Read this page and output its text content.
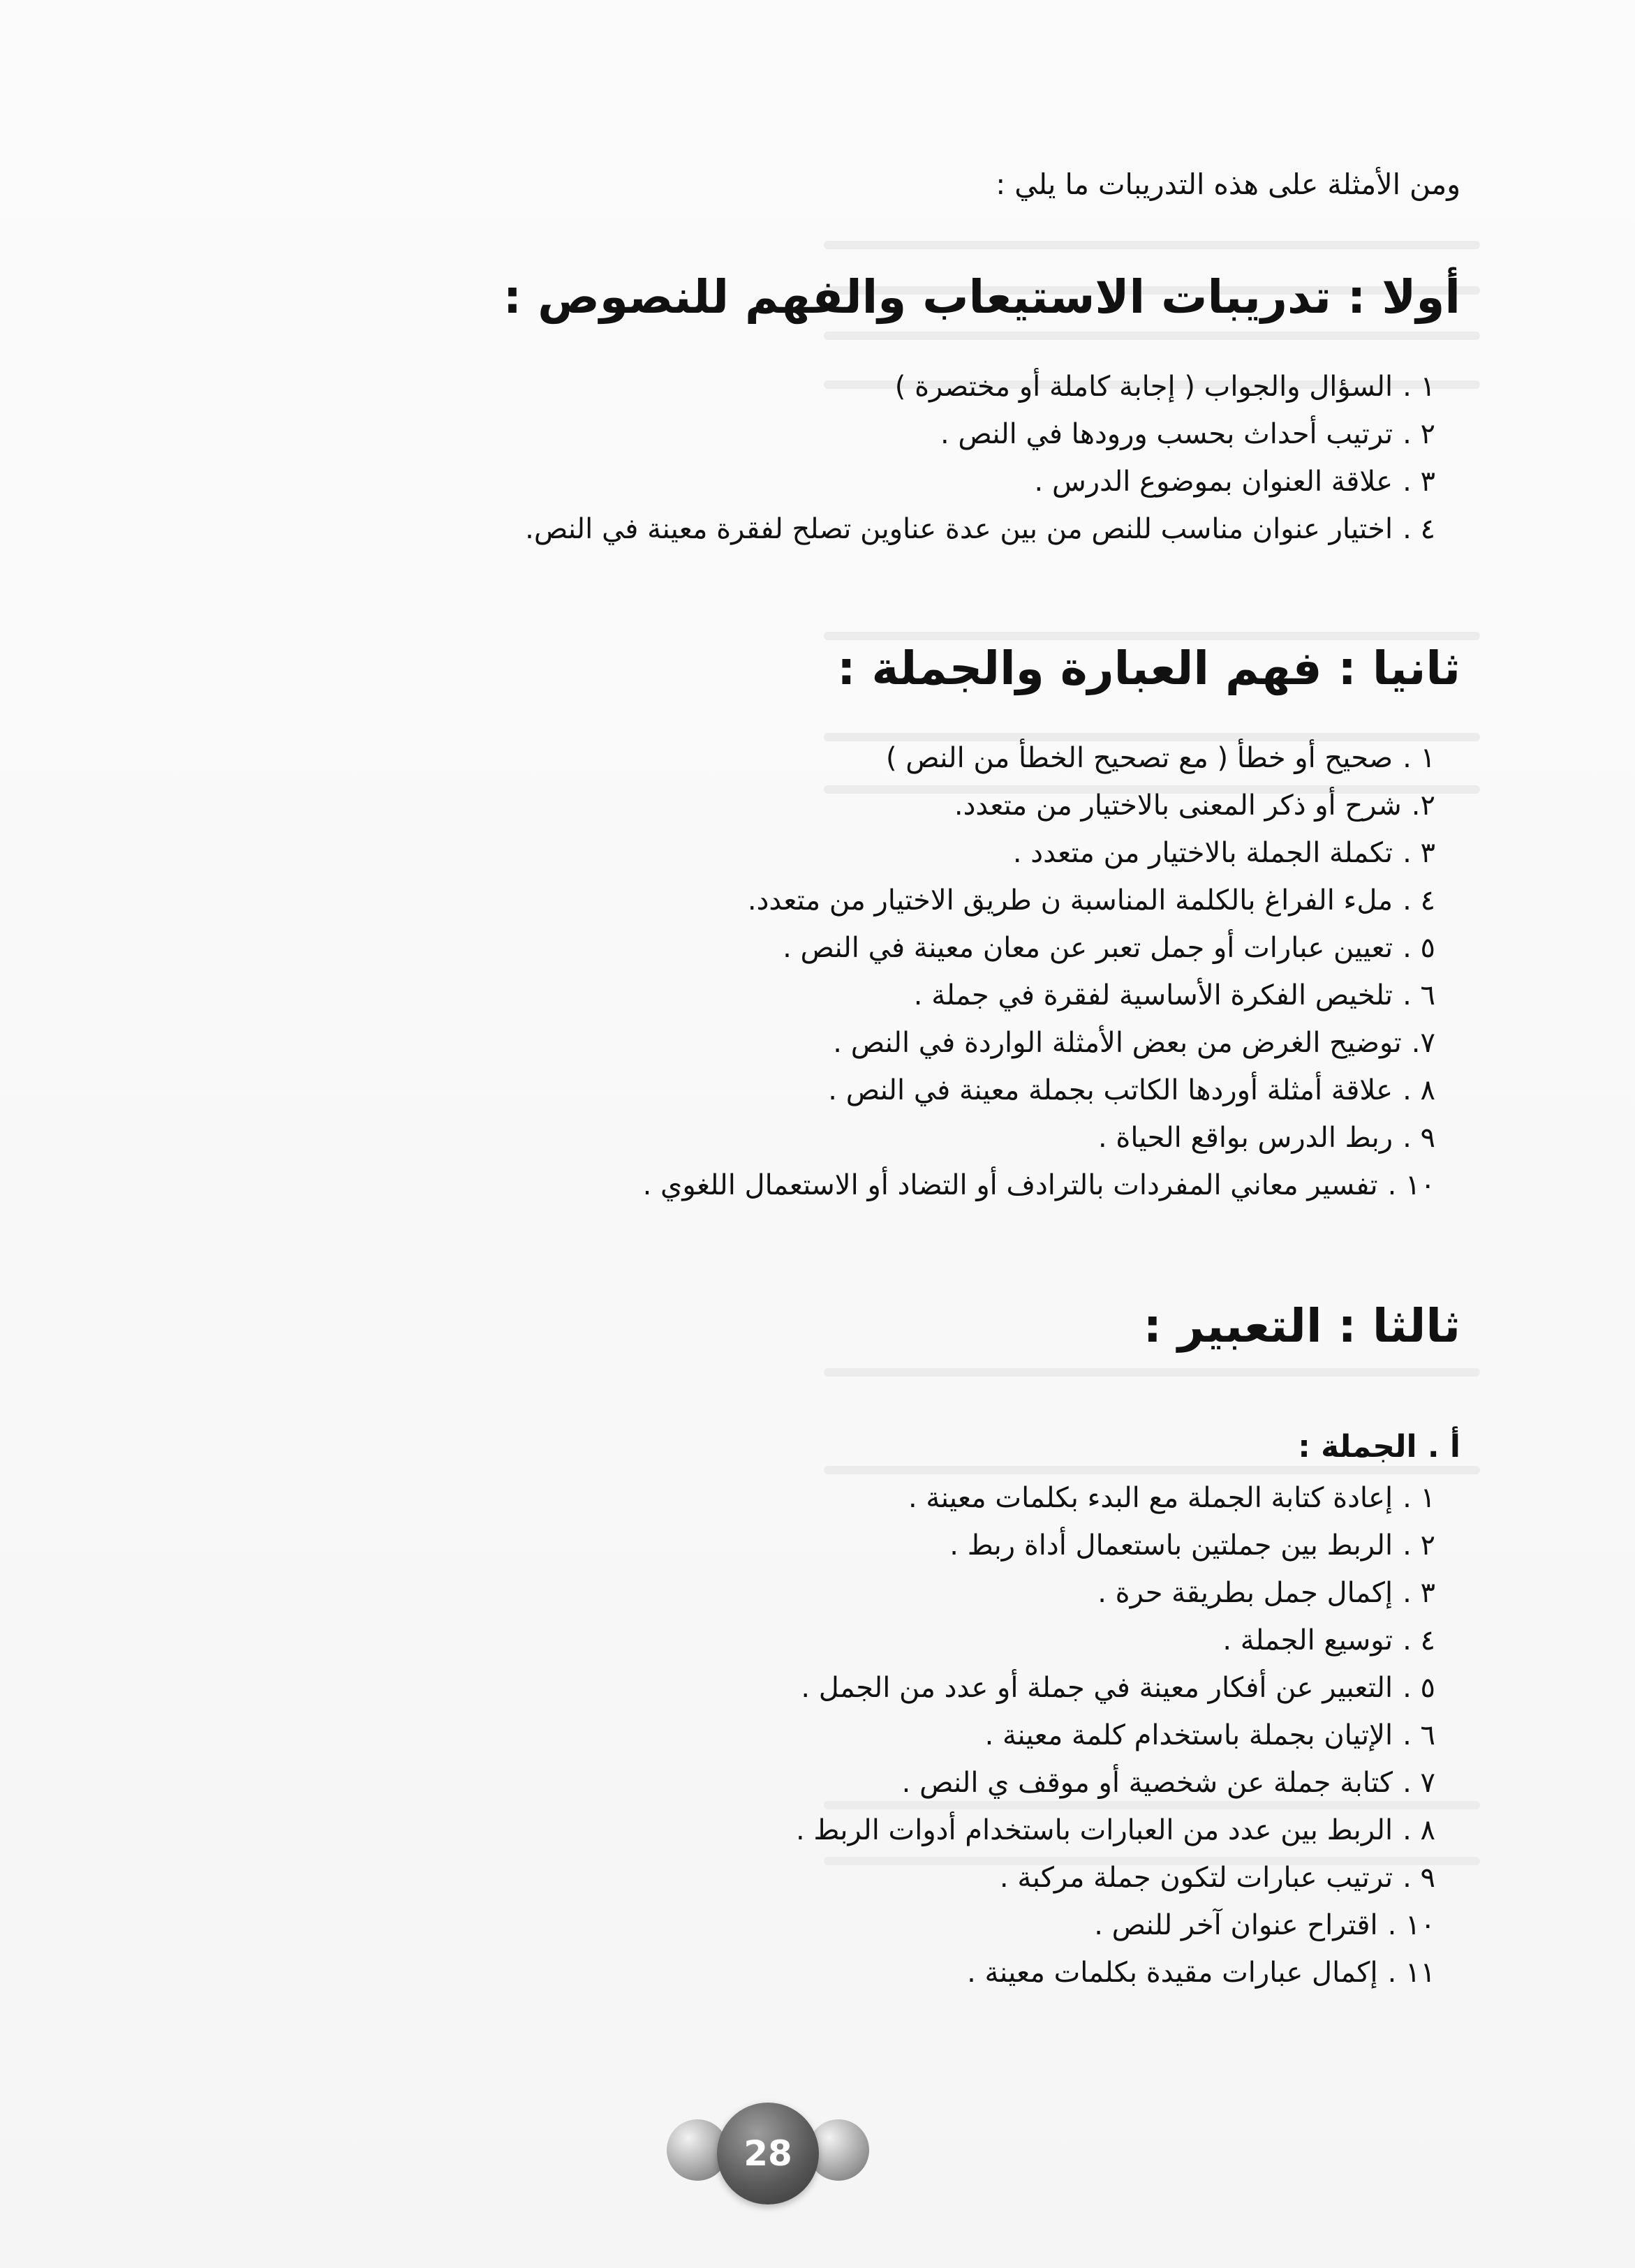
ومن الأمثلة على هذه التدريبات ما يلي :
أولا : تدريبات الاستيعاب والفهم للنصوص :
١ .السؤال والجواب ( إجابة كاملة أو مختصرة )
٢ .ترتيب أحداث بحسب ورودها في النص .
٣ .علاقة العنوان بموضوع الدرس .
٤ .اختيار عنوان مناسب للنص من بين عدة عناوين تصلح لفقرة معينة في النص.
ثانيا : فهم العبارة والجملة :
١ .صحيح أو خطأ ( مع تصحيح الخطأ من النص )
٢.شرح أو ذكر المعنى بالاختيار من متعدد.
٣ .تكملة الجملة بالاختيار من متعدد .
٤ .ملء الفراغ بالكلمة المناسبة ن طريق الاختيار من متعدد.
٥ .تعيين عبارات أو جمل تعبر عن معان معينة في النص .
٦ .تلخيص الفكرة الأساسية لفقرة في جملة .
٧.توضيح الغرض من بعض الأمثلة الواردة في النص .
٨ .علاقة أمثلة أوردها الكاتب بجملة معينة في النص .
٩ .ربط الدرس بواقع الحياة .
١٠ .تفسير معاني المفردات بالترادف أو التضاد أو الاستعمال اللغوي .
ثالثا : التعبير :
أ . الجملة :
١ .إعادة كتابة الجملة مع البدء بكلمات معينة .
٢ .الربط بين جملتين باستعمال أداة ربط .
٣ .إكمال جمل بطريقة حرة .
٤ .توسيع الجملة .
٥ .التعبير عن أفكار معينة في جملة أو عدد من الجمل .
٦ .الإتيان بجملة باستخدام كلمة معينة .
٧ .كتابة جملة عن شخصية أو موقف ي النص .
٨ .الربط بين عدد من العبارات باستخدام أدوات الربط .
٩ .ترتيب عبارات لتكون جملة مركبة .
١٠ .اقتراح عنوان آخر للنص .
١١ .إكمال عبارات مقيدة بكلمات معينة .
28
